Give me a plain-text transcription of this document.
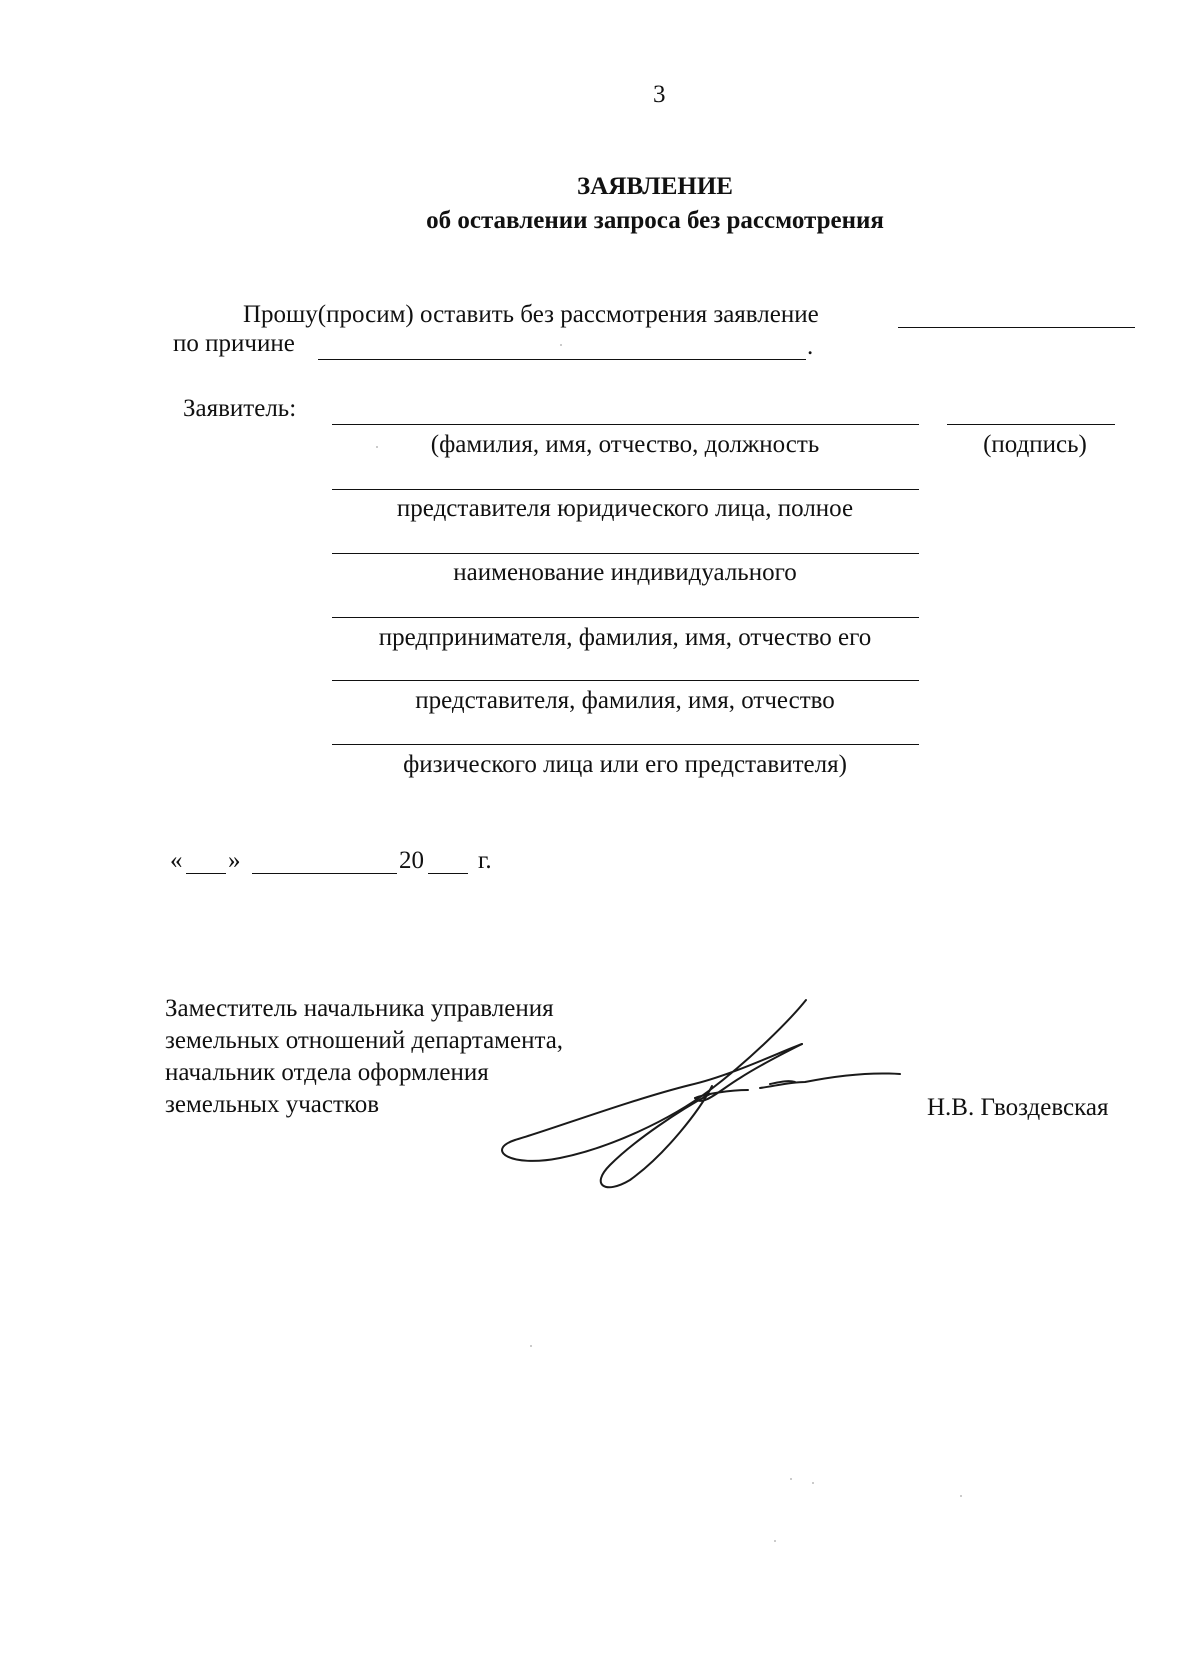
3
ЗАЯВЛЕНИЕ
об оставлении запроса без рассмотрения
Прошу(просим) оставить без рассмотрения заявление
по причине	.
Заявитель:
(фамилия, имя, отчество, должность	(подпись)
представителя юридического лица, полное
наименование индивидуального
предпринимателя, фамилия, имя, отчество его
представителя, фамилия, имя, отчество
физического лица или его представителя)
« »	20 г.
Заместитель начальника управления
земельных отношений департамента,
начальник отдела оформления
земельных участков	Н.В. Гвоздевская
